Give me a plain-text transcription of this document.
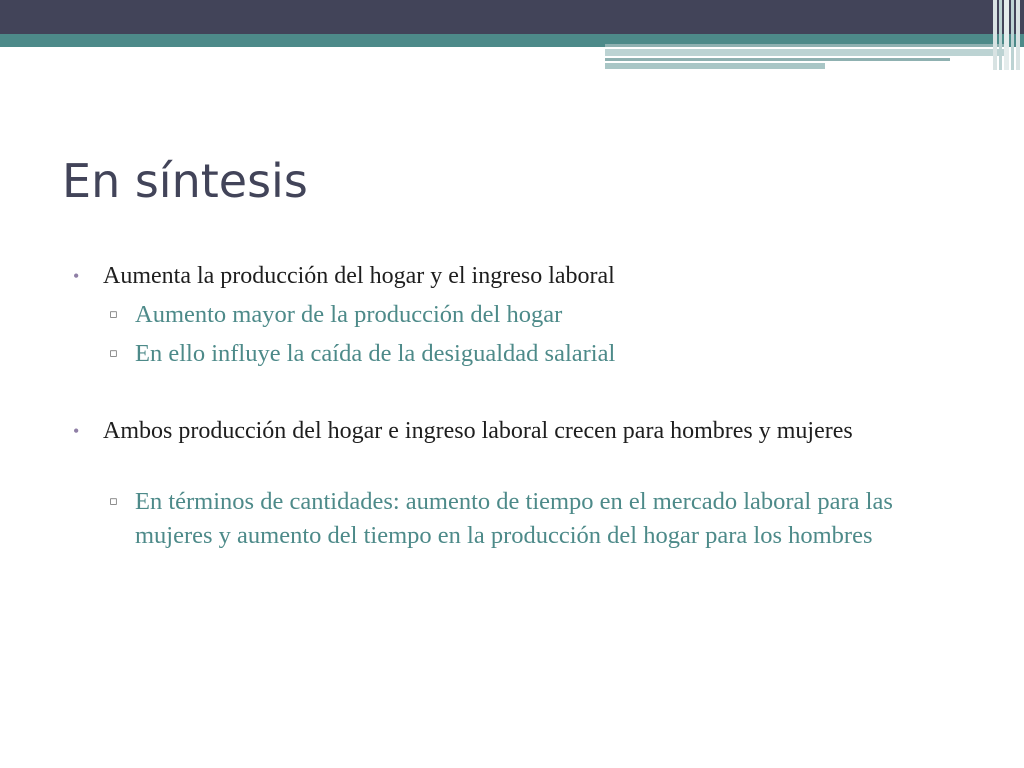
En síntesis
• Aumenta la producción del hogar y el ingreso laboral
▫ Aumento mayor de la producción del hogar
▫ En ello influye la caída de la desigualdad salarial
• Ambos producción del hogar e ingreso laboral crecen para hombres y mujeres
▫ En términos de cantidades: aumento de tiempo en el mercado laboral para las mujeres y aumento del tiempo en la producción del hogar para los hombres
